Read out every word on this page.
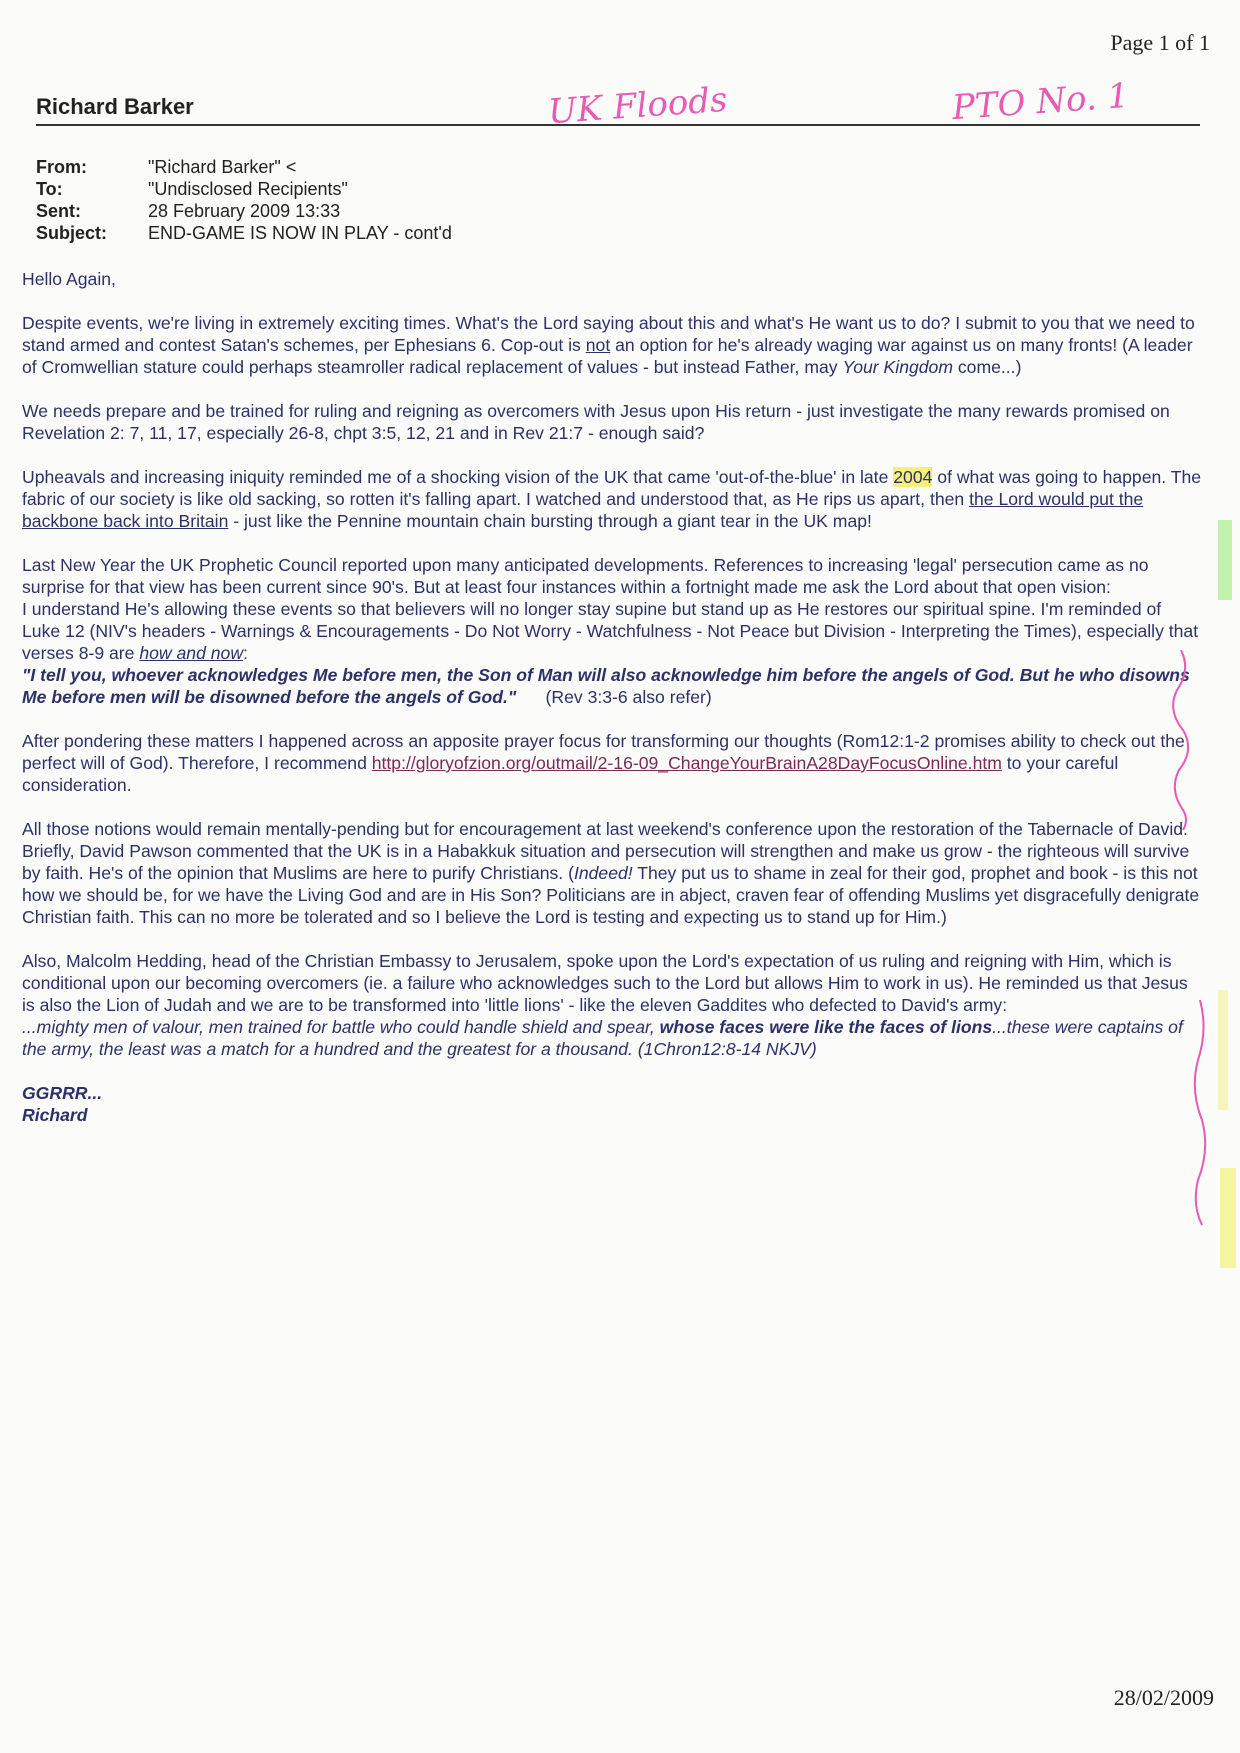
Page 1 of 1
Richard Barker	UK Floods	PTO No. 1
From:	"Richard Barker" <
To:	"Undisclosed Recipients"
Sent:	28 February 2009 13:33
Subject:	END-GAME IS NOW IN PLAY - cont'd

Hello Again,

Despite events, we're living in extremely exciting times. What's the Lord saying about this and what's He want us to do? I submit to you that we need to stand armed and contest Satan's schemes, per Ephesians 6. Cop-out is not an option for he's already waging war against us on many fronts! (A leader of Cromwellian stature could perhaps steamroller radical replacement of values - but instead Father, may Your Kingdom come...)

We needs prepare and be trained for ruling and reigning as overcomers with Jesus upon His return - just investigate the many rewards promised on Revelation 2: 7, 11, 17, especially 26-8, chpt 3:5, 12, 21 and in Rev 21:7 - enough said?

Upheavals and increasing iniquity reminded me of a shocking vision of the UK that came 'out-of-the-blue' in late 2004 of what was going to happen. The fabric of our society is like old sacking, so rotten it's falling apart. I watched and understood that, as He rips us apart, then the Lord would put the backbone back into Britain - just like the Pennine mountain chain bursting through a giant tear in the UK map!

Last New Year the UK Prophetic Council reported upon many anticipated developments. References to increasing 'legal' persecution came as no surprise for that view has been current since 90's. But at least four instances within a fortnight made me ask the Lord about that open vision:

I understand He's allowing these events so that believers will no longer stay supine but stand up as He restores our spiritual spine. I'm reminded of Luke 12 (NIV's headers - Warnings & Encouragements - Do Not Worry - Watchfulness - Not Peace but Division - Interpreting the Times), especially that verses 8-9 are how and now:

"I tell you, whoever acknowledges Me before men, the Son of Man will also acknowledge him before the angels of God. But he who disowns Me before men will be disowned before the angels of God."      (Rev 3:3-6 also refer)

After pondering these matters I happened across an apposite prayer focus for transforming our thoughts (Rom12:1-2 promises ability to check out the perfect will of God). Therefore, I recommend http://gloryofzion.org/outmail/2-16-09_ChangeYourBrainA28DayFocusOnline.htm to your careful consideration.

All those notions would remain mentally-pending but for encouragement at last weekend's conference upon the restoration of the Tabernacle of David. Briefly, David Pawson commented that the UK is in a Habakkuk situation and persecution will strengthen and make us grow - the righteous will survive by faith. He's of the opinion that Muslims are here to purify Christians. (Indeed! They put us to shame in zeal for their god, prophet and book - is this not how we should be, for we have the Living God and are in His Son? Politicians are in abject, craven fear of offending Muslims yet disgracefully denigrate Christian faith. This can no more be tolerated and so I believe the Lord is testing and expecting us to stand up for Him.)

Also, Malcolm Hedding, head of the Christian Embassy to Jerusalem, spoke upon the Lord's expectation of us ruling and reigning with Him, which is conditional upon our becoming overcomers (ie. a failure who acknowledges such to the Lord but allows Him to work in us). He reminded us that Jesus is also the Lion of Judah and we are to be transformed into 'little lions' - like the eleven Gaddites who defected to David's army:

...mighty men of valour, men trained for battle who could handle shield and spear, whose faces were like the faces of lions...these were captains of the army, the least was a match for a hundred and the greatest for a thousand. (1Chron12:8-14 NKJV)

GGRRR...
Richard
28/02/2009
